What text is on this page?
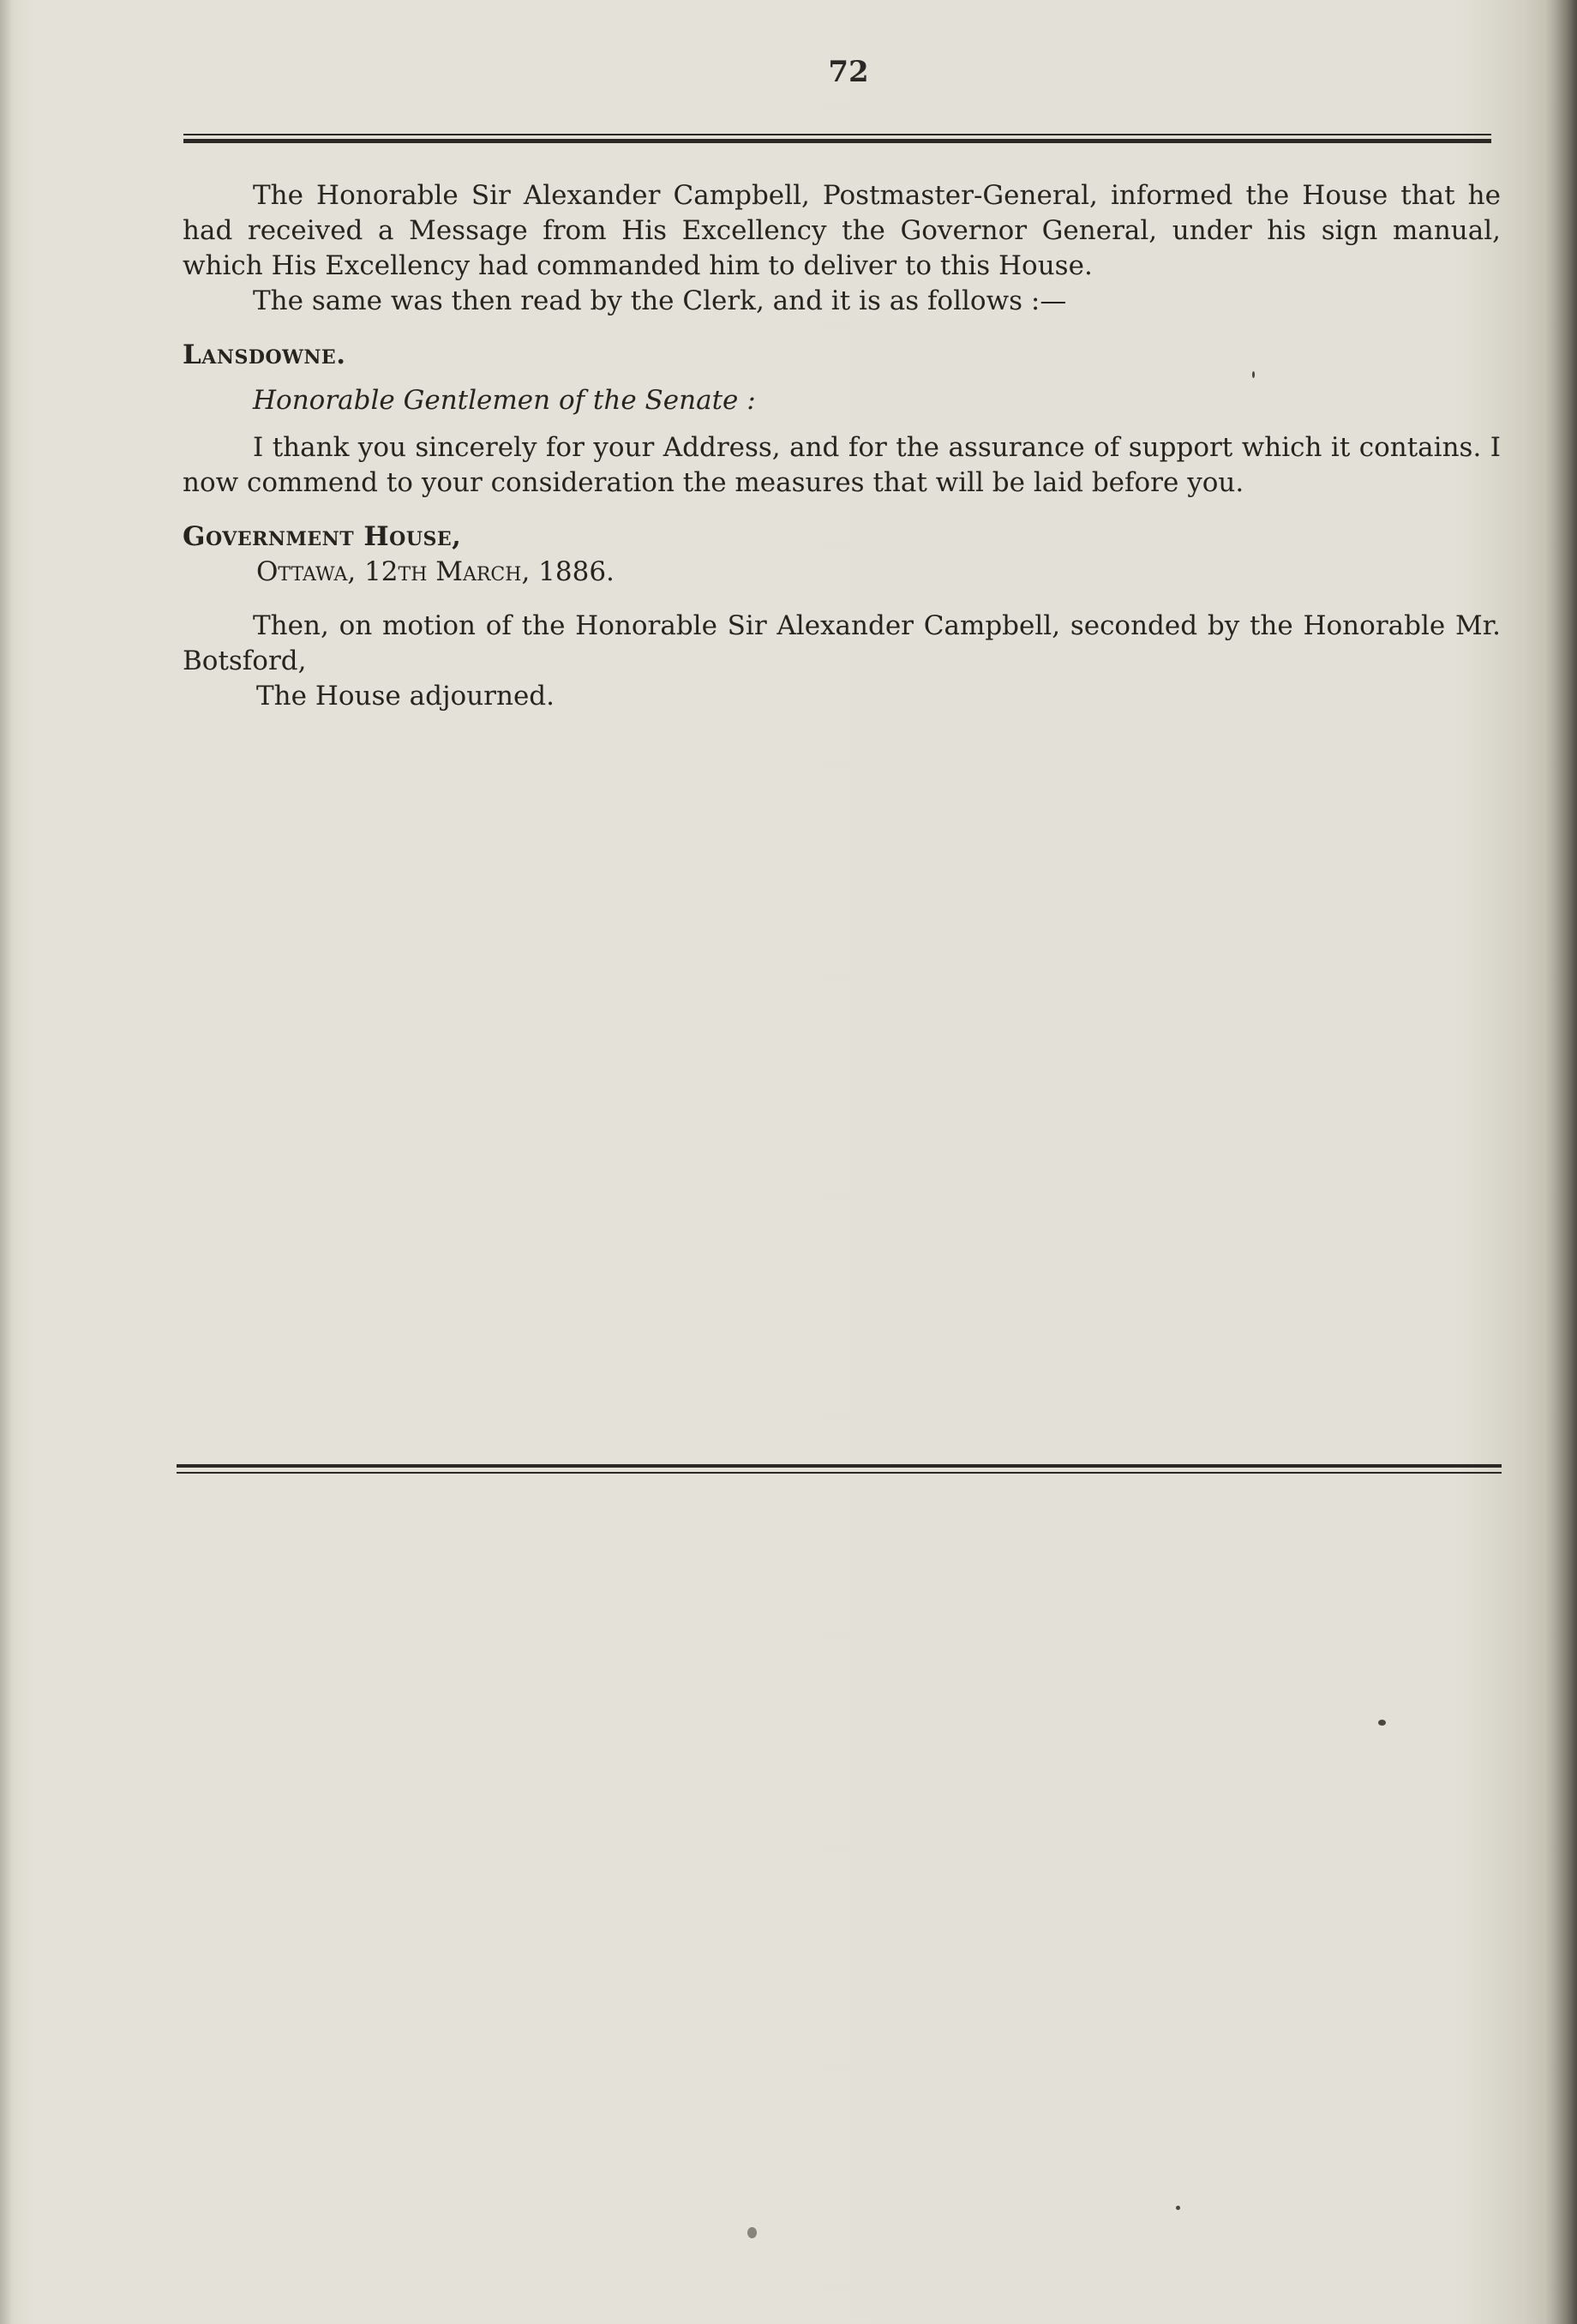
72

The Honorable Sir Alexander Campbell, Postmaster-General, informed the House that he had received a Message from His Excellency the Governor General, under his sign manual, which His Excellency had commanded him to deliver to this House.

The same was then read by the Clerk, and it is as follows :—

Lansdowne.

Honorable Gentlemen of the Senate :

I thank you sincerely for your Address, and for the assurance of support which it contains. I now commend to your consideration the measures that will be laid before you.

Government House,

Ottawa, 12th March, 1886.

Then, on motion of the Honorable Sir Alexander Campbell, seconded by the Honorable Mr. Botsford,

The House adjourned.
